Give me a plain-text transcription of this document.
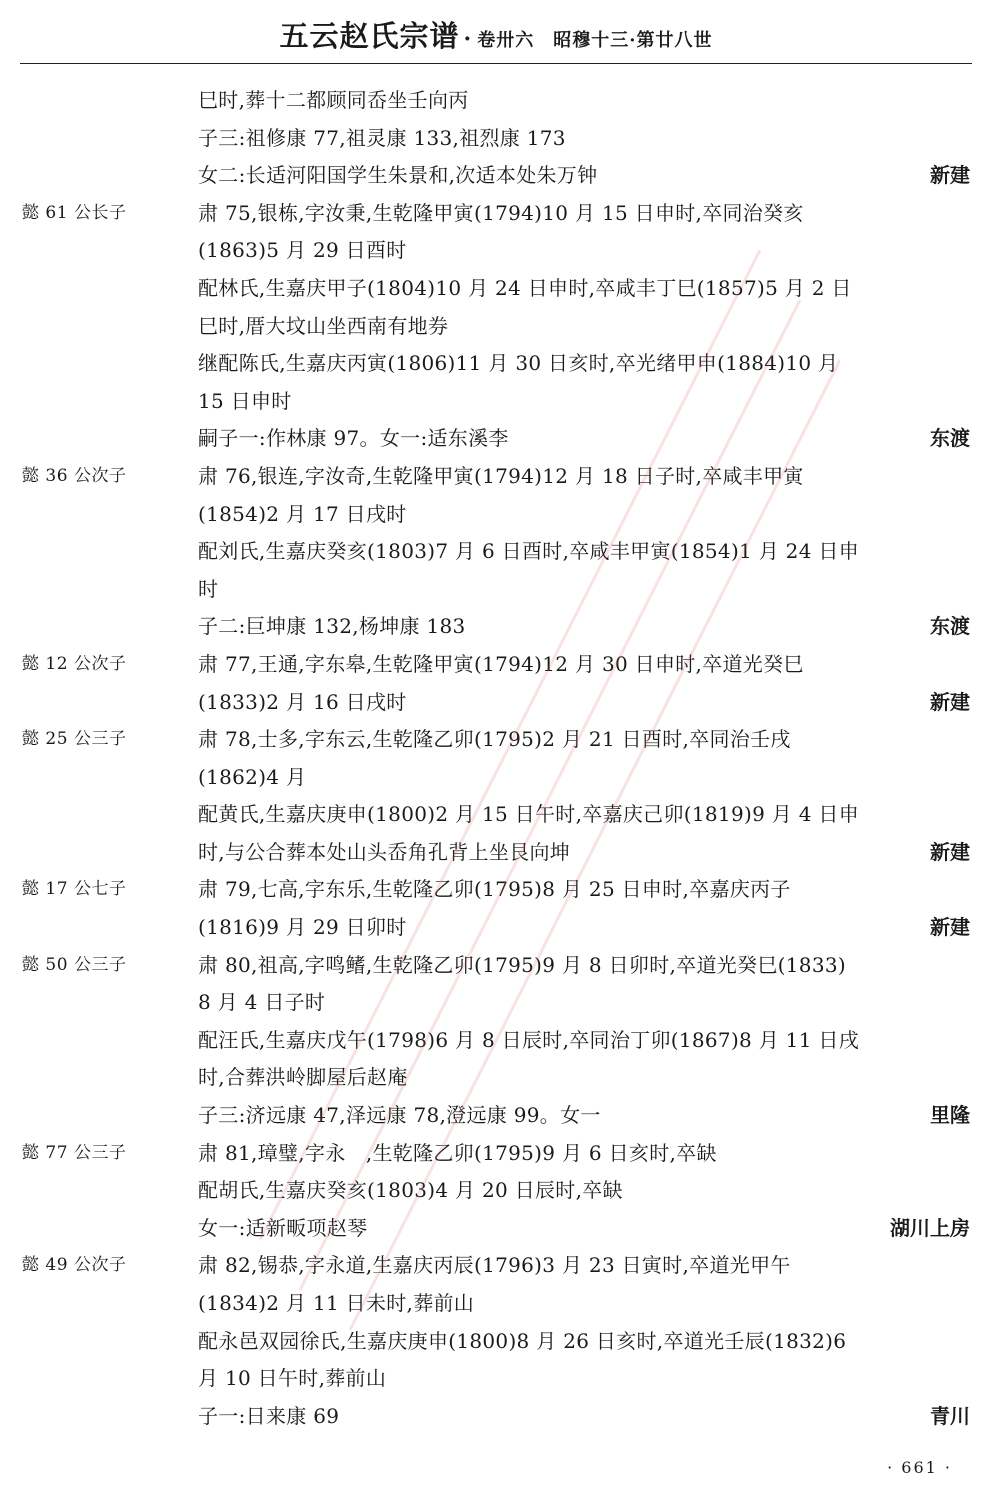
五云赵氏宗谱 · 卷卅六　昭穆十三·第廿八世
巳时,葬十二都顾同岙坐壬向丙
子三:祖修康 77,祖灵康 133,祖烈康 173
女二:长适河阳国学生朱景和,次适本处朱万钟	新建
懿 61 公长子	肃 75,银栋,字汝秉,生乾隆甲寅(1794)10 月 15 日申时,卒同治癸亥
(1863)5 月 29 日酉时
配林氏,生嘉庆甲子(1804)10 月 24 日申时,卒咸丰丁巳(1857)5 月 2 日
巳时,厝大坟山坐西南有地券
继配陈氏,生嘉庆丙寅(1806)11 月 30 日亥时,卒光绪甲申(1884)10 月
15 日申时
嗣子一:作林康 97。女一:适东溪李	东渡
懿 36 公次子	肃 76,银连,字汝奇,生乾隆甲寅(1794)12 月 18 日子时,卒咸丰甲寅
(1854)2 月 17 日戌时
配刘氏,生嘉庆癸亥(1803)7 月 6 日酉时,卒咸丰甲寅(1854)1 月 24 日申
时
子二:巨坤康 132,杨坤康 183	东渡
懿 12 公次子	肃 77,王通,字东皋,生乾隆甲寅(1794)12 月 30 日申时,卒道光癸巳
(1833)2 月 16 日戌时	新建
懿 25 公三子	肃 78,士多,字东云,生乾隆乙卯(1795)2 月 21 日酉时,卒同治壬戌
(1862)4 月
配黄氏,生嘉庆庚申(1800)2 月 15 日午时,卒嘉庆己卯(1819)9 月 4 日申
时,与公合葬本处山头岙角孔背上坐艮向坤	新建
懿 17 公七子	肃 79,七高,字东乐,生乾隆乙卯(1795)8 月 25 日申时,卒嘉庆丙子
(1816)9 月 29 日卯时	新建
懿 50 公三子	肃 80,祖高,字鸣鳍,生乾隆乙卯(1795)9 月 8 日卯时,卒道光癸巳(1833)
8 月 4 日子时
配汪氏,生嘉庆戊午(1798)6 月 8 日辰时,卒同治丁卯(1867)8 月 11 日戌
时,合葬洪岭脚屋后赵庵
子三:济远康 47,泽远康 78,澄远康 99。女一	里隆
懿 77 公三子	肃 81,璋璧,字永　,生乾隆乙卯(1795)9 月 6 日亥时,卒缺
配胡氏,生嘉庆癸亥(1803)4 月 20 日辰时,卒缺
女一:适新畈项赵琴	湖川上房
懿 49 公次子	肃 82,锡恭,字永道,生嘉庆丙辰(1796)3 月 23 日寅时,卒道光甲午
(1834)2 月 11 日未时,葬前山
配永邑双园徐氏,生嘉庆庚申(1800)8 月 26 日亥时,卒道光壬辰(1832)6
月 10 日午时,葬前山
子一:日来康 69	青川
· 661 ·
